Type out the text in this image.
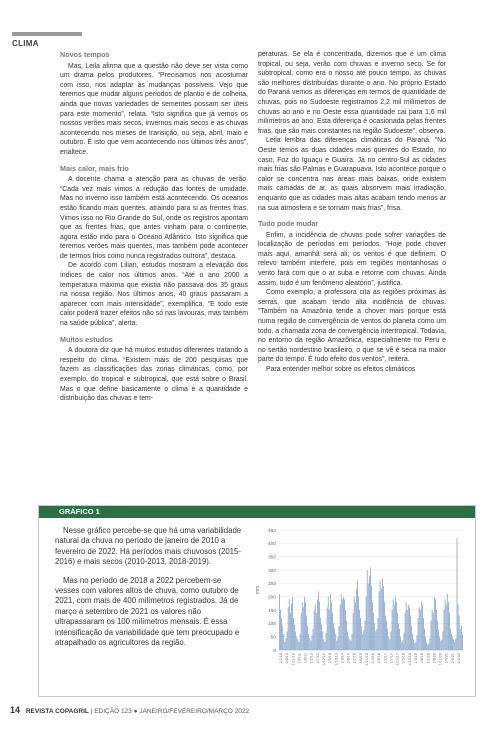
CLIMA
Novos tempos

Mas, Leila afirma que a questão não deve ser vista como um drama pelos produtores. “Precisamos nos acostumar com isso, nos adaptar às mudanças possíveis. Vejo que teremos que mudar alguns períodos de plantio e de colheita, ainda que novas variedades de sementes possam ser úteis para este momento”, relata. “Isto significa que já vemos os nossos verões mais secos, invernos mais secos e as chuvas acontecendo nos meses de transição, ou seja, abril, maio e outubro. É isto que vem acontecendo nos últimos três anos”, enaltece.

Mais calor, mais frio

A docente chama a atenção para as chuvas de verão. “Cada vez mais vimos a redução das fontes de umidade. Mas no inverno isso também está acontecendo. Os oceanos estão ficando mais quentes, atraindo para si as frentes frias. Vimos isso no Rio Grande do Sul, onde os registros apontam que as frentes frias, que antes vinham para o continente, agora estão indo para o Oceano Atlântico. Isto significa que teremos verões mais quentes, mas também pode acontecer de termos frios como nunca registrados outrora”, destaca.

De acordo com Lilian, estudos mostram a elevação dos índices de calor nos últimos anos. “Até o ano 2000 a temperatura máxima que existia não passava dos 35 graus na nossa região. Nos últimos anos, 40 graus passaram a aparecer com mais intensidade”, exemplifica. “E todo este calor poderá trazer efeitos não só nas lavouras, mas também na saúde pública”, alerta.

Muitos estudos

A doutora diz que há muitos estudos diferentes tratando a respeito do clima. “Existem mais de 200 pesquisas que fazem as classificações das zonas climáticas, como, por exemplo, do tropical e subtropical, que está sobre o Brasil. Mas o que define basicamente o clima é a quantidade e distribuição das chuvas e tem-

peraturas. Se ela é concentrada, dizemos que é um clima tropical, ou seja, verão com chuvas e inverno seco. Se for subtropical, como era o nosso até pouco tempo, as chuvas são melhores distribuídas durante o ano. No próprio Estado do Paraná vemos as diferenças em termos de quantidade de chuvas, pois no Sudoeste registramos 2,2 mil milímetros de chuvas ao ano e no Oeste essa quantidade cai para 1,6 mil milímetros ao ano. Esta diferença é ocasionada pelas frentes frias, que são mais constantes na região Sudoeste”, observa.

Leila lembra das diferenças climáticas do Paraná. “No Oeste temos as duas cidades mais quentes do Estado, no caso, Foz do Iguaçu e Guaíra. Já no centro-Sul as cidades mais frias são Palmas e Guarapuava. Isto acontece porque o calor se concentra nas áreas mais baixas, onde existem mais camadas de ar, as quais absorvem mais irradiação, enquanto que as cidades mais altas acabam tendo menos ar na sua atmosfera e se tornam mais frias”, frisa.

Tudo pode mudar

Enfim, a incidência de chuvas pode sofrer variações de localização de períodos em períodos. “Hoje pode chover mais aqui, amanhã será ali; os ventos é que definem. O relevo também interfere, pois em regiões montanhosas o vento fará com que o ar suba e retorne com chuvas. Ainda assim, tudo é um fenômeno aleatório”, justifica.

Como exemplo, a professora cita as regiões próximas às serras, que acabam tendo alta incidência de chuvas. “Também na Amazônia tende a chover mais porque está numa região de convergência de ventos do planeta como um todo, a chamada zona de convergência intertropical. Todavia, no entorno da região Amazônica, especialmente no Peru e no sertão nordestino brasileiro, o que se vê é seca na maior parte do tempo. É tudo efeito dos ventos”, reitera.

Para entender melhor sobre os efeitos climáticos

GRÁFICO 1

Nesse gráfico percebe-se que há uma variabilidade natural da chuva no período de janeiro de 2010 a fevereiro de 2022. Há períodos mais chuvosos (2015-2016) e mais secos (2010-2013, 2018-2019).

Mas no período de 2018 a 2022 percebem-se vesses com valores altos de chuva, como outubro de 2021, com mais de 400 milímetros registrados. Já de março a setembro de 2021 os valores não ultrapassaram os 100 milímetros mensais. É essa intensificação da variabilidade que tem preocupado e atrapalhado os agricultores da região.

0
50
100
150
200
250
300
350
400
450
mm
1/1/10 1/6/10 1/11/10 1/4/11 1/9/11 1/2/12 1/7/12 1/12/12 1/5/13 1/10/13 1/3/14 1/8/14 1/1/15 1/6/15 1/11/15 1/4/16 1/9/16 1/2/17 1/7/17 1/12/17 1/5/18 1/10/18 1/3/19 1/8/19 1/1/20 1/6/20 1/11/20 1/4/21 1/9/21 1/2/22
14 REVISTA COPAGRIL | EDIÇÃO 123 ● JANEIRO/FEVEREIRO/MARÇO 2022
